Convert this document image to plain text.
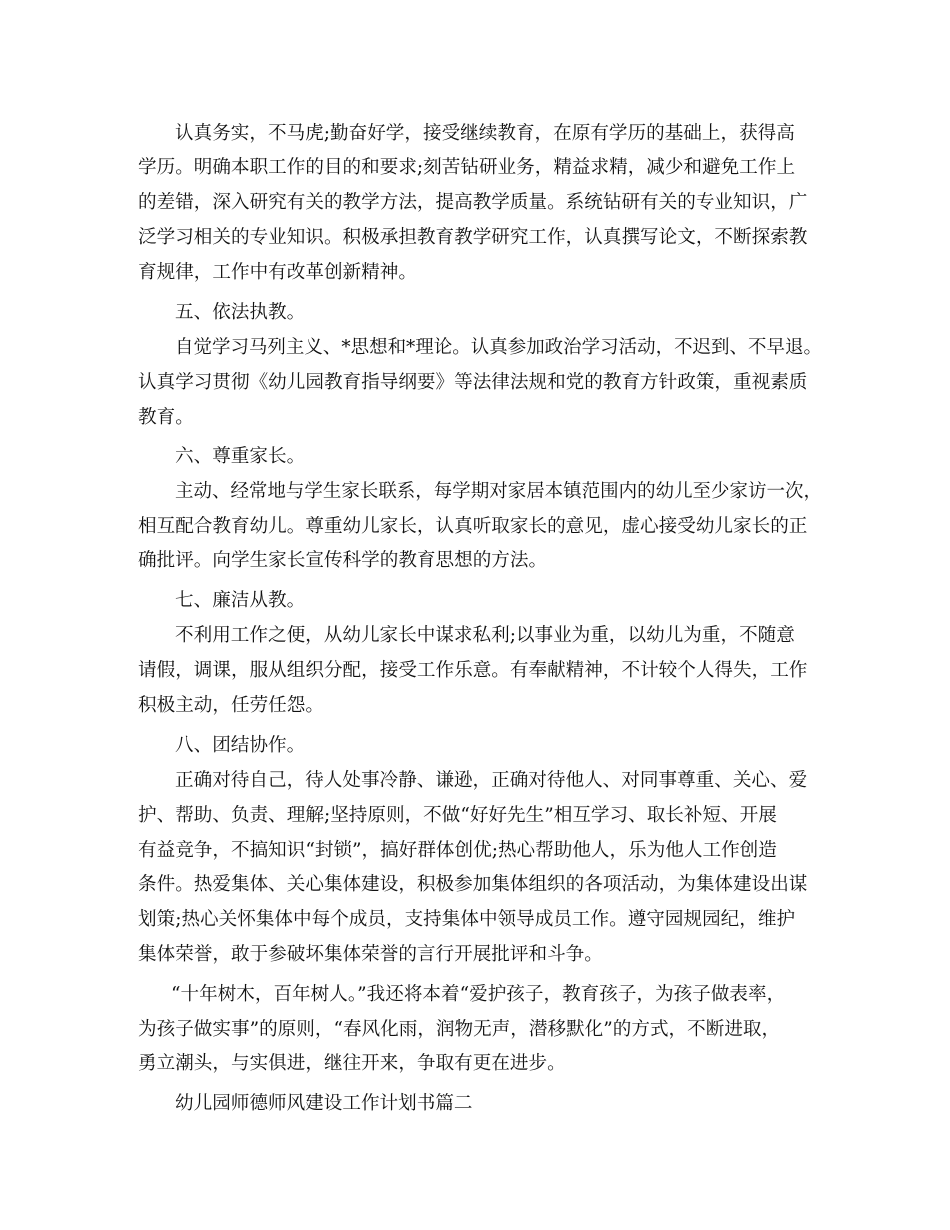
认真务实，不马虎;勤奋好学，接受继续教育，在原有学历的基础上，获得高
学历。明确本职工作的目的和要求;刻苦钻研业务，精益求精，减少和避免工作上
的差错，深入研究有关的教学方法，提高教学质量。系统钻研有关的专业知识，广
泛学习相关的专业知识。积极承担教育教学研究工作，认真撰写论文，不断探索教
育规律，工作中有改革创新精神。
五、依法执教。
自觉学习马列主义、*思想和*理论。认真参加政治学习活动，不迟到、不早退。
认真学习贯彻《幼儿园教育指导纲要》等法律法规和党的教育方针政策，重视素质
教育。
六、尊重家长。
主动、经常地与学生家长联系，每学期对家居本镇范围内的幼儿至少家访一次，
相互配合教育幼儿。尊重幼儿家长，认真听取家长的意见，虚心接受幼儿家长的正
确批评。向学生家长宣传科学的教育思想的方法。
七、廉洁从教。
不利用工作之便，从幼儿家长中谋求私利;以事业为重，以幼儿为重，不随意
请假，调课，服从组织分配，接受工作乐意。有奉献精神，不计较个人得失，工作
积极主动，任劳任怨。
八、团结协作。
正确对待自己，待人处事冷静、谦逊，正确对待他人、对同事尊重、关心、爱
护、帮助、负责、理解;坚持原则，不做“好好先生”相互学习、取长补短、开展
有益竞争，不搞知识“封锁”，搞好群体创优;热心帮助他人，乐为他人工作创造
条件。热爱集体、关心集体建设，积极参加集体组织的各项活动，为集体建设出谋
划策;热心关怀集体中每个成员，支持集体中领导成员工作。遵守园规园纪，维护
集体荣誉，敢于参破坏集体荣誉的言行开展批评和斗争。
“十年树木，百年树人。”我还将本着“爱护孩子，教育孩子，为孩子做表率，
为孩子做实事”的原则，“春风化雨，润物无声，潜移默化”的方式，不断进取，
勇立潮头，与实俱进，继往开来，争取有更在进步。
幼儿园师德师风建设工作计划书篇二
